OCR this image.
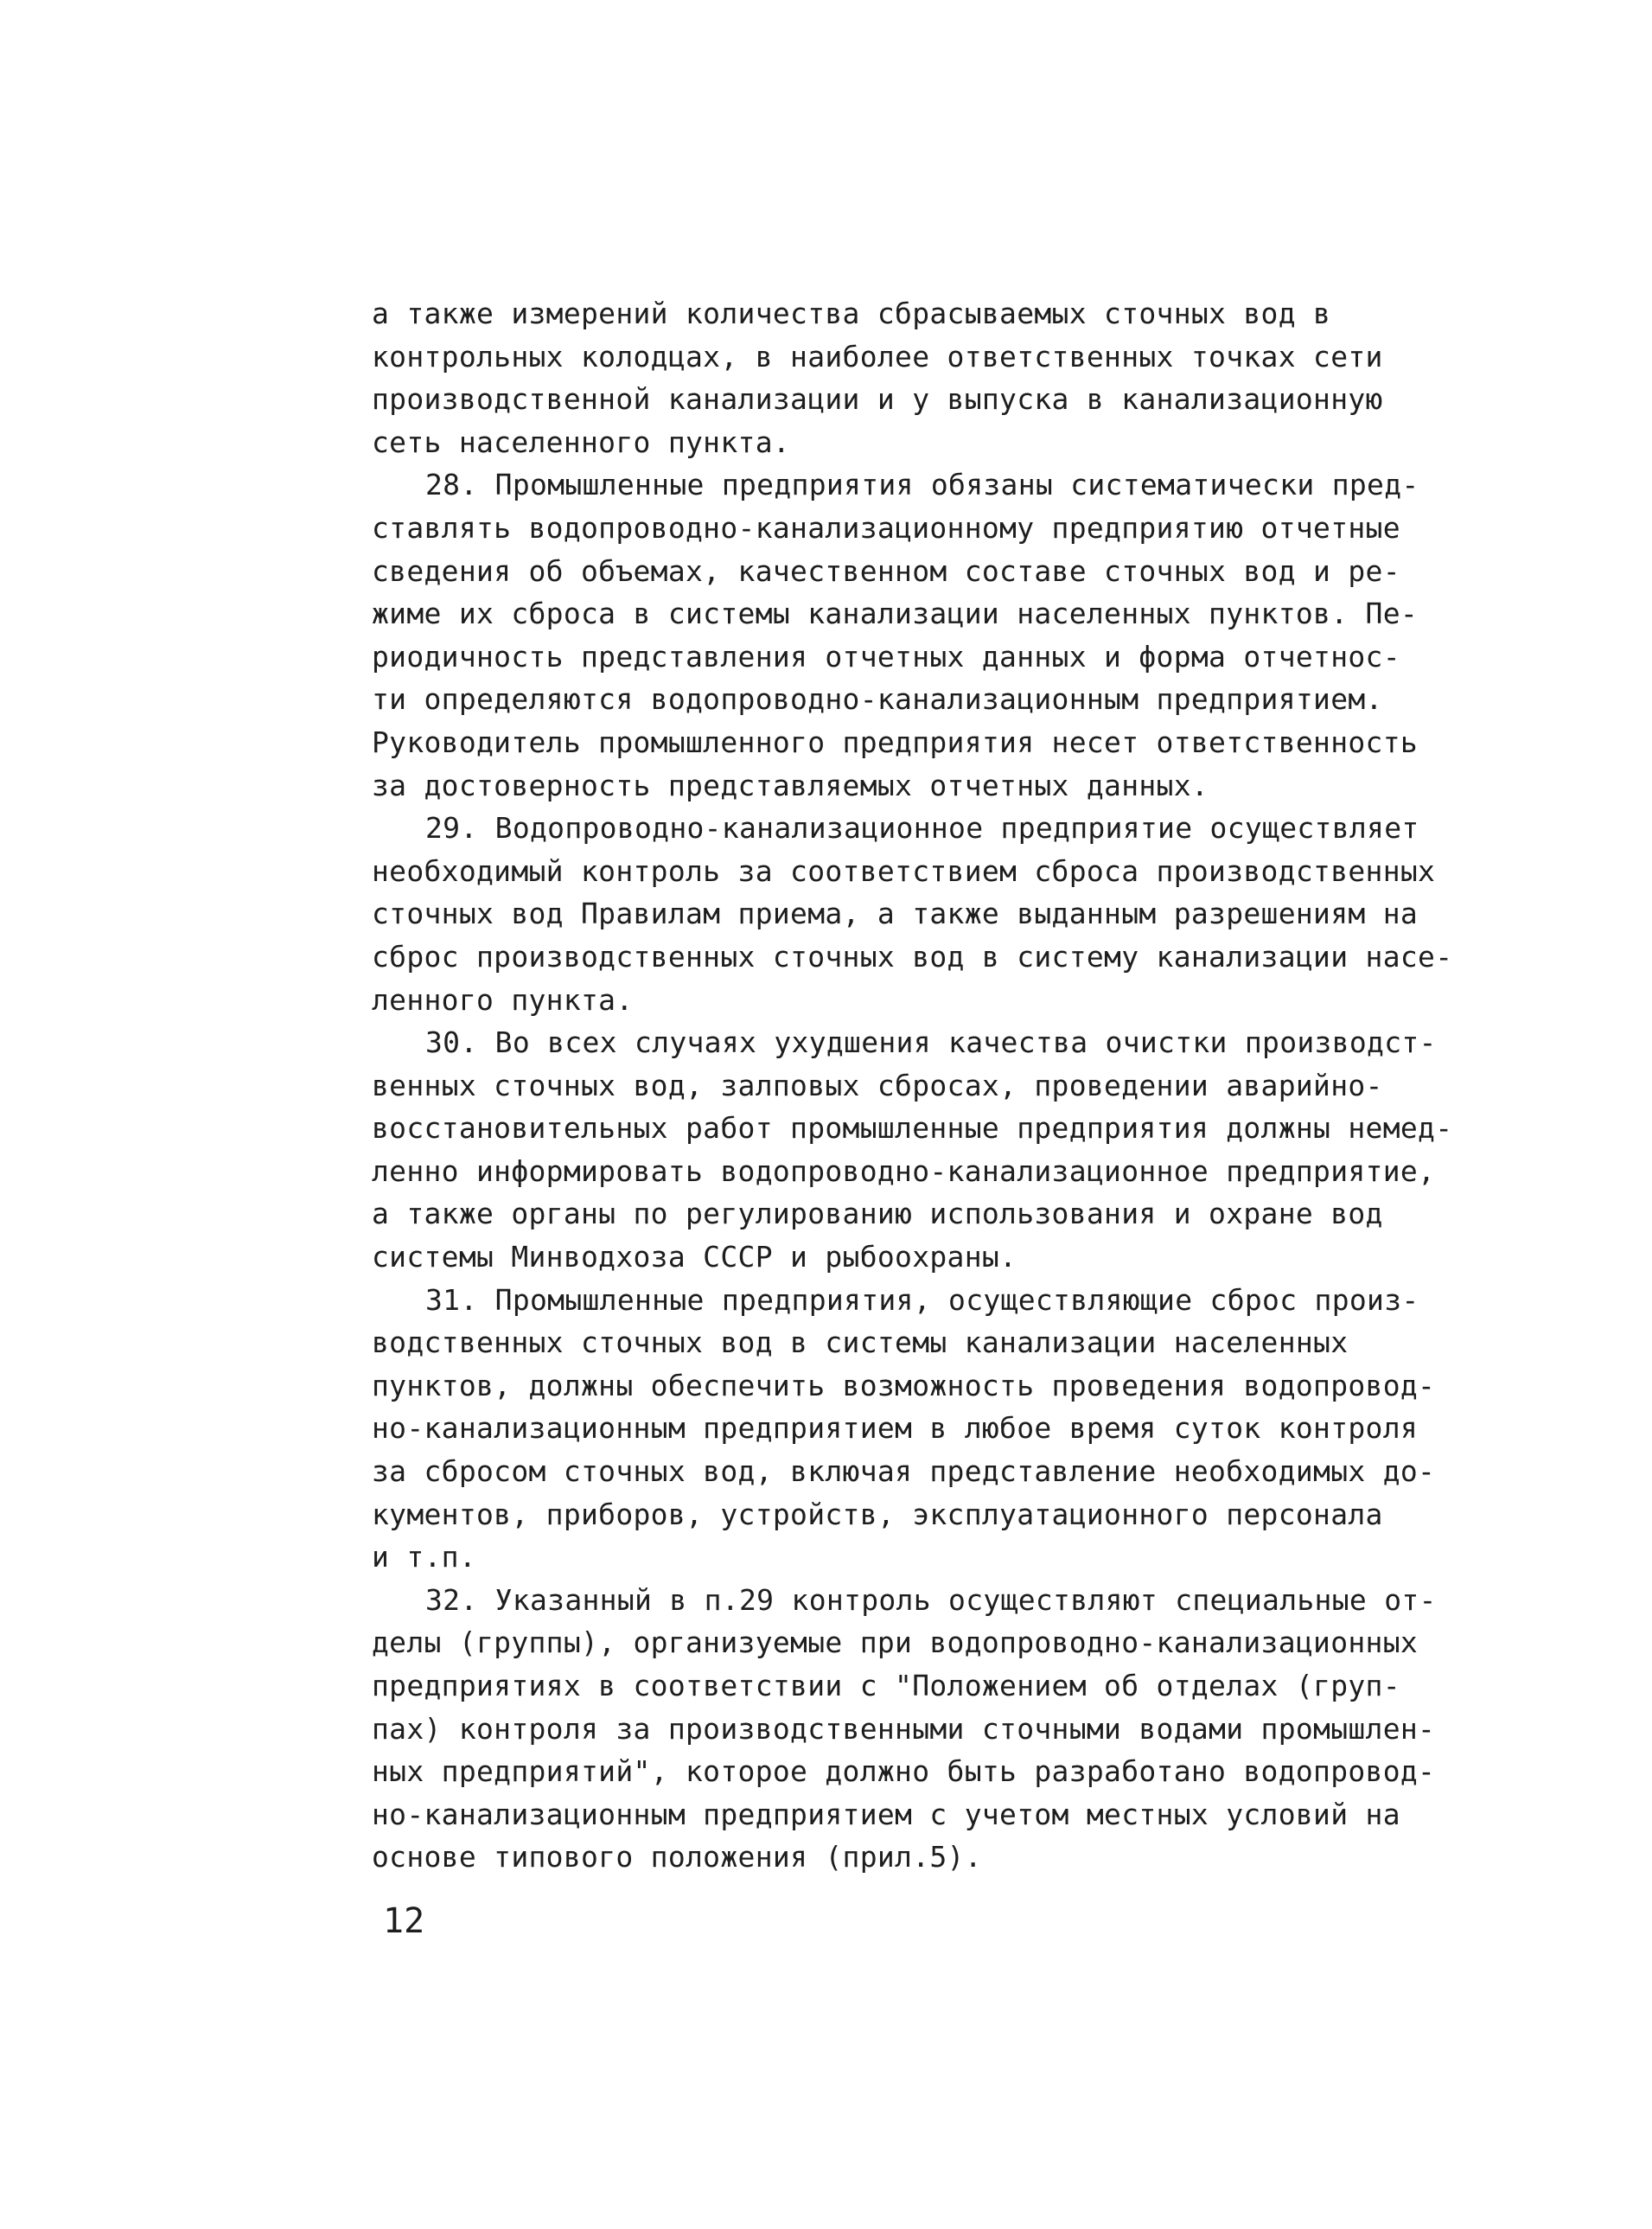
а также измерений количества сбрасываемых сточных вод в
контрольных колодцах, в наиболее ответственных точках сети
производственной канализации и у выпуска в канализационную
сеть населенного пункта.
28. Промышленные предприятия обязаны систематически пред-
ставлять водопроводно-канализационному предприятию отчетные
сведения об объемах, качественном составе сточных вод и ре-
жиме их сброса в системы канализации населенных пунктов. Пе-
риодичность представления отчетных данных и форма отчетнос-
ти определяются водопроводно-канализационным предприятием.
Руководитель промышленного предприятия несет ответственность
за достоверность представляемых отчетных данных.
29. Водопроводно-канализационное предприятие осуществляет
необходимый контроль за соответствием сброса производственных
сточных вод Правилам приема, а также выданным разрешениям на
сброс производственных сточных вод в систему канализации насе-
ленного пункта.
30. Во всех случаях ухудшения качества очистки производст-
венных сточных вод, залповых сбросах, проведении аварийно-
восстановительных работ промышленные предприятия должны немед-
ленно информировать водопроводно-канализационное предприятие,
а также органы по регулированию использования и охране вод
системы Минводхоза СССР и рыбоохраны.
31. Промышленные предприятия, осуществляющие сброс произ-
водственных сточных вод в системы канализации населенных
пунктов, должны обеспечить возможность проведения водопровод-
но-канализационным предприятием в любое время суток контроля
за сбросом сточных вод, включая представление необходимых до-
кументов, приборов, устройств, эксплуатационного персонала
и т.п.
32. Указанный в п.29 контроль осуществляют специальные от-
делы (группы), организуемые при водопроводно-канализационных
предприятиях в соответствии с "Положением об отделах (груп-
пах) контроля за производственными сточными водами промышлен-
ных предприятий", которое должно быть разработано водопровод-
но-канализационным предприятием с учетом местных условий на
основе типового положения (прил.5).
12
